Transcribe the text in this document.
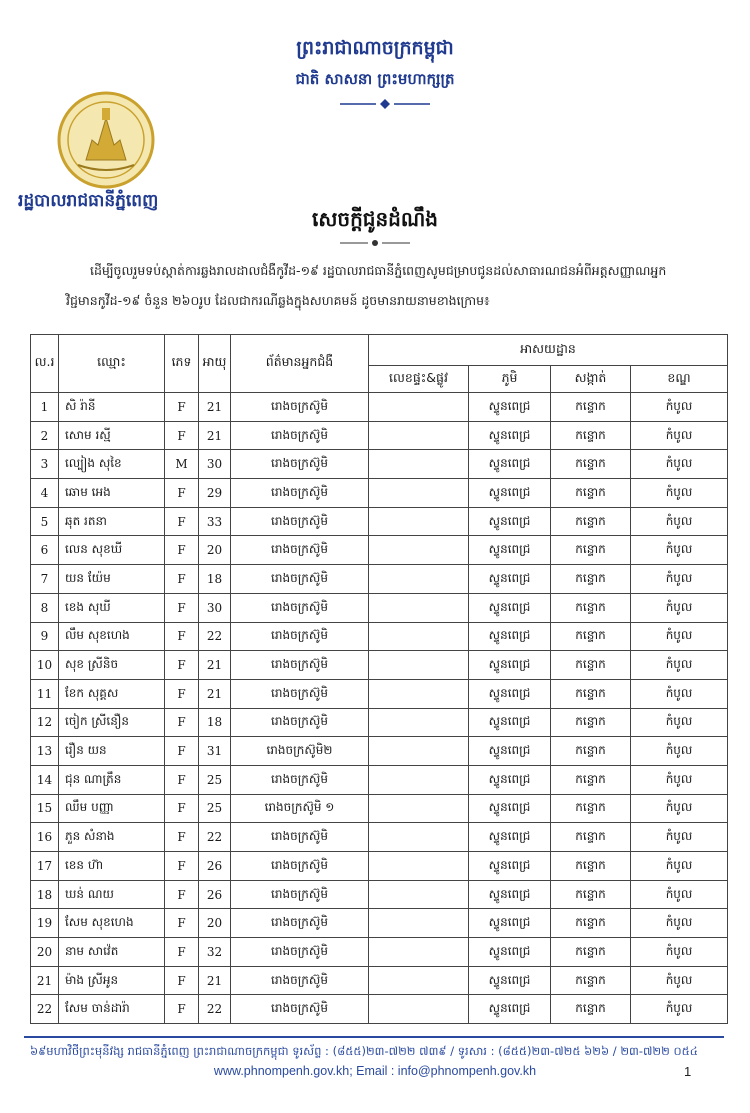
ព្រះរាជាណាចក្រកម្ពុជា
ជាតិ សាសនា ព្រះមហាក្សត្រ
រដ្ឋបាលរាជធានីភ្នំពេញ
សេចក្ដីជូនដំណឹង
ដើម្បីចូលរួមទប់ស្កាត់ការឆ្លងរាលដាលជំងឺកូវីដ-១៩ រដ្ឋបាលរាជធានីភ្នំពេញសូមជម្រាបជូនដល់សាធារណជនអំពីអត្តសញ្ញាណអ្នកវិជ្ជមានកូវីដ-១៩ ចំនួន ២៦០រូប ដែលជាករណីឆ្លងក្នុងសហគមន៍ ដូចមានរាយនាមខាងក្រោម៖
ល.រ	ឈ្មោះ	ភេទ	អាយុ	ព័ត៌មានអ្នកជំងឺ	អាសយដ្ឋាន			
					លេខផ្ទះ&ផ្លូវ	ភូមិ	សង្កាត់	ខណ្ឌ
1	សិ រ៉ានី	F	21	រោងចក្រស៊ូមិ		ស្ទូនពេជ្រ	កន្ទោក	កំបូល
2	សោម រស្មី	F	21	រោងចក្រស៊ូមិ		ស្ទូនពេជ្រ	កន្ទោក	កំបូល
3	ល្បៀង សុខៃ	M	30	រោងចក្រស៊ូមិ		ស្ទូនពេជ្រ	កន្ទោក	កំបូល
4	ឆោម អេង	F	29	រោងចក្រស៊ូមិ		ស្ទូនពេជ្រ	កន្ទោក	កំបូល
5	ឆុត រតនា	F	33	រោងចក្រស៊ូមិ		ស្ទូនពេជ្រ	កន្ទោក	កំបូល
6	លេន សុខឃី	F	20	រោងចក្រស៊ូមិ		ស្ទូនពេជ្រ	កន្ទោក	កំបូល
7	យន យ៉ែម	F	18	រោងចក្រស៊ូមិ		ស្ទូនពេជ្រ	កន្ទោក	កំបូល
8	ខេង សុឃី	F	30	រោងចក្រស៊ូមិ		ស្ទូនពេជ្រ	កន្ទោក	កំបូល
9	លឹម សុខហេង	F	22	រោងចក្រស៊ូមិ		ស្ទូនពេជ្រ	កន្ទោក	កំបូល
10	សុខ ស្រីនិច	F	21	រោងចក្រស៊ូមិ		ស្ទូនពេជ្រ	កន្ទោក	កំបូល
11	ខែក សុគ្គស	F	21	រោងចក្រស៊ូមិ		ស្ទូនពេជ្រ	កន្ទោក	កំបូល
12	ចៀក ស្រីនឿន	F	18	រោងចក្រស៊ូមិ		ស្ទូនពេជ្រ	កន្ទោក	កំបូល
13	រឿន យន	F	31	រោងចក្រស៊ូមិ២		ស្ទូនពេជ្រ	កន្ទោក	កំបូល
14	ជុន ណាត្រឹន	F	25	រោងចក្រស៊ូមិ		ស្ទូនពេជ្រ	កន្ទោក	កំបូល
15	ឈឹម បញ្ញា	F	25	រោងចក្រស៊ូមិ ១		ស្ទូនពេជ្រ	កន្ទោក	កំបូល
16	ភួន សំនាង	F	22	រោងចក្រស៊ូមិ		ស្ទូនពេជ្រ	កន្ទោក	កំបូល
17	ខេន ហ៊ា	F	26	រោងចក្រស៊ូមិ		ស្ទូនពេជ្រ	កន្ទោក	កំបូល
18	ឃន់ ណយ	F	26	រោងចក្រស៊ូមិ		ស្ទូនពេជ្រ	កន្ទោក	កំបូល
19	សែម សុខហេង	F	20	រោងចក្រស៊ូមិ		ស្ទូនពេជ្រ	កន្ទោក	កំបូល
20	នាម សាវ៉េត	F	32	រោងចក្រស៊ូមិ		ស្ទូនពេជ្រ	កន្ទោក	កំបូល
21	ម៉ាង ស្រីអូន	F	21	រោងចក្រស៊ូមិ		ស្ទូនពេជ្រ	កន្ទោក	កំបូល
22	សែម ចាន់ដារ៉ា	F	22	រោងចក្រស៊ូមិ		ស្ទូនពេជ្រ	កន្ទោក	កំបូល
៦៩មហាវិថីព្រះមុនីវង្ស រាជធានីភ្នំពេញ ព្រះរាជាណាចក្រកម្ពុជា ទូរស័ព្ទ : (៨៥៥)២៣-៧២២ ៧៣៩ / ទូរសារ : (៨៥៥)២៣-៧២៥ ៦២៦ / ២៣-៧២២ ០៥៤
www.phnompenh.gov.kh; Email : info@phnompenh.gov.kh	1
